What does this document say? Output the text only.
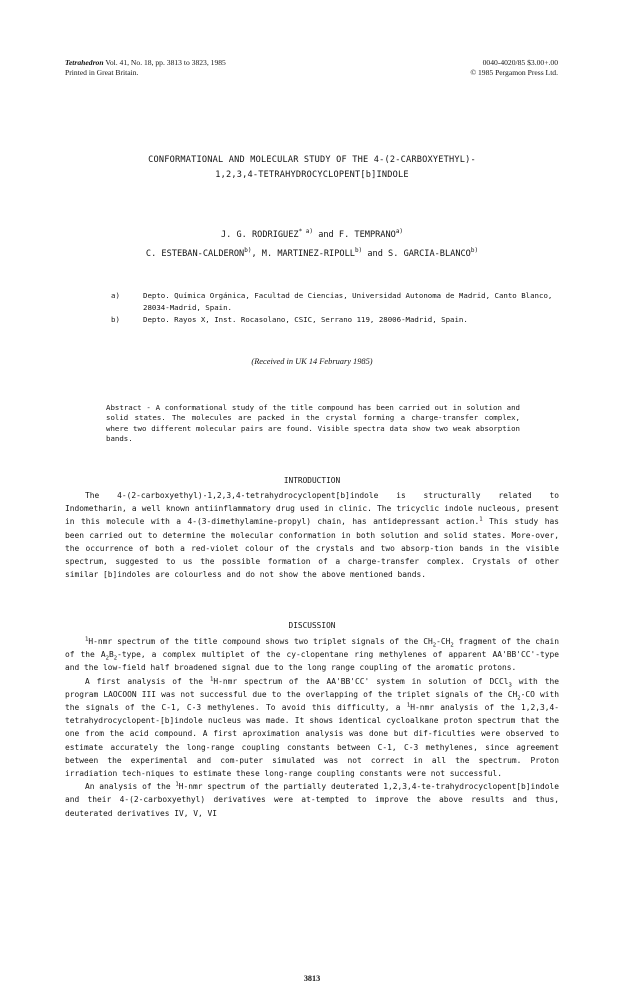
Tetrahedron Vol. 41, No. 18, pp. 3813 to 3823, 1985
Printed in Great Britain.
0040-4020/85 $3.00+.00
© 1985 Pergamon Press Ltd.
CONFORMATIONAL AND MOLECULAR STUDY OF THE 4-(2-CARBOXYETHYL)-
1,2,3,4-TETRAHYDROCYCLOPENT[b]INDOLE
J. G. RODRIGUEZ$^{* a)}$ and F. TEMPRANO$^{a)}$
C. ESTEBAN-CALDERON$^{b)}$, M. MARTINEZ-RIPOLL$^{b)}$ and S. GARCIA-BLANCO$^{b)}$
a)	Depto. Química Orgánica, Facultad de Ciencias, Universidad Autonoma de Madrid, Canto Blanco, 28034-Madrid, Spain.
b)	Depto. Rayos X, Inst. Rocasolano, CSIC, Serrano 119, 28006-Madrid, Spain.
(Received in UK 14 February 1985)
Abstract - A conformational study of the title compound has been carried out in solution and solid states. The molecules are packed in the crystal forming a charge-transfer complex, where two different molecular pairs are found. Visible spectra data show two weak absorption bands.
INTRODUCTION

The 4-(2-carboxyethyl)-1,2,3,4-tetrahydrocyclopent[b]indole is structurally related to Indometharin, a well known antiinflammatory drug used in clinic. The tricyclic indole nucleous, present in this molecule with a 4-(3-dimethylamine-propyl) chain, has antidepressant action.$^1$ This study has been carried out to determine the molecular conformation in both solution and solid states. More-over, the occurrence of both a red-violet colour of the crystals and two absorp-tion bands in the visible spectrum, suggested to us the possible formation of a charge-transfer complex. Crystals of other similar [b]indoles are colourless and do not show the above mentioned bands.

DISCUSSION

$^1$H-nmr spectrum of the title compound shows two triplet signals of the $CH_2-CH_2$ fragment of the chain of the $A_2B_2$-type, a complex multiplet of the cy-clopentane ring methylenes of apparent AA'BB'CC'-type and the low-field half broadened signal due to the long range coupling of the aromatic protons.

A first analysis of the $^1$H-nmr spectrum of the AA'BB'CC' system in solution of DCCl$_3$ with the program LAOCOON III was not successful due to the overlapping of the triplet signals of the $CH_2-CO$ with the signals of the C-1, C-3 methylenes. To avoid this difficulty, a $^1$H-nmr analysis of the 1,2,3,4-tetrahydrocyclopent-[b]indole nucleus was made. It shows identical cycloalkane proton spectrum that the one from the acid compound. A first aproximation analysis was done but dif-ficulties were observed to estimate accurately the long-range coupling constants between C-1, C-3 methylenes, since agreement between the experimental and com-puter simulated was not correct in all the spectrum. Proton irradiation tech-niques to estimate these long-range coupling constants were not successful.

An analysis of the $^1$H-nmr spectrum of the partially deuterated 1,2,3,4-te-trahydrocyclopent[b]indole and their 4-(2-carboxyethyl) derivatives were at-tempted to improve the above results and thus, deuterated derivatives IV, V, VI

3813
